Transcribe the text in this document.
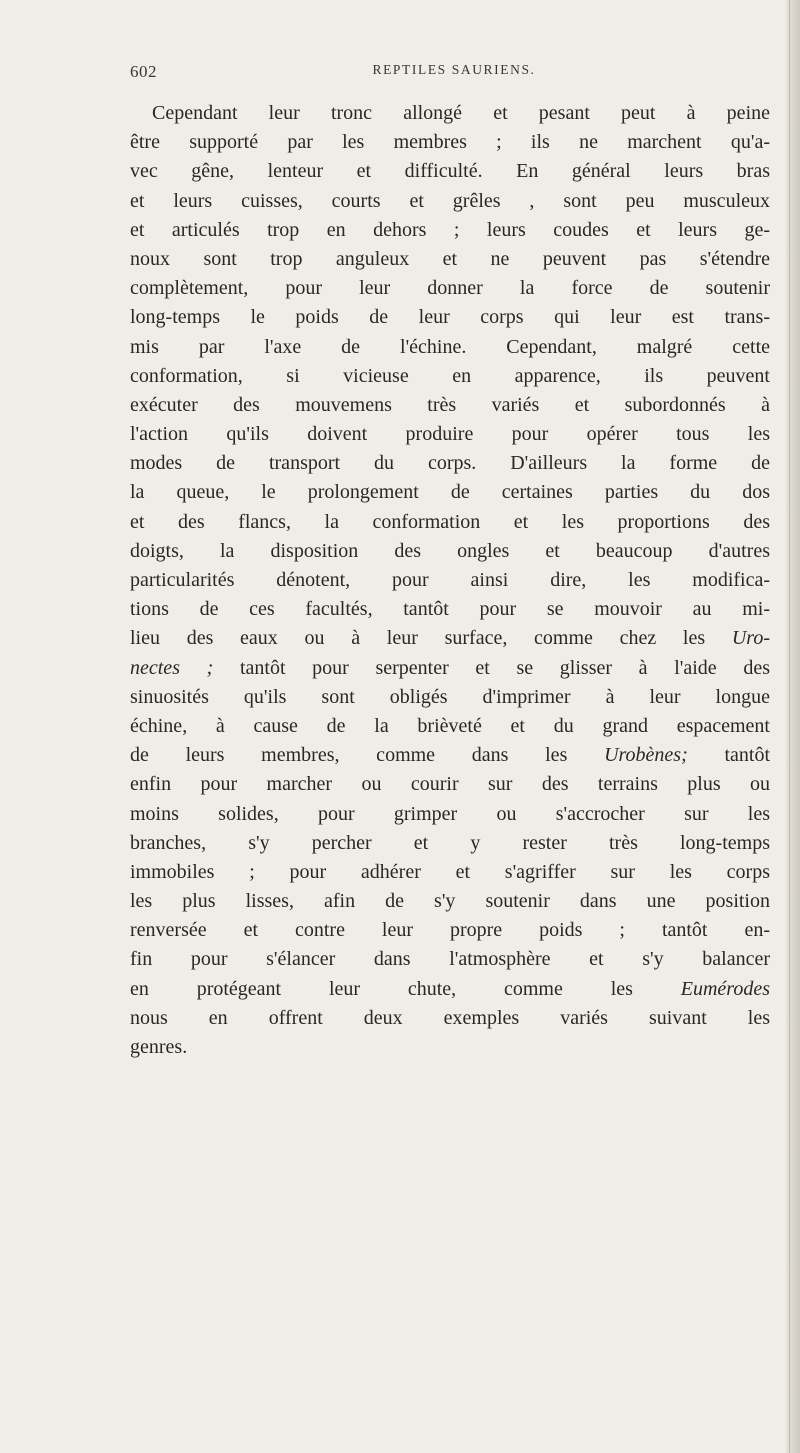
602	REPTILES SAURIENS.
Cependant leur tronc allongé et pesant peut à peine
être supporté par les membres ; ils ne marchent qu'a-
vec gêne, lenteur et difficulté. En général leurs bras
et leurs cuisses, courts et grêles , sont peu musculeux
et articulés trop en dehors ; leurs coudes et leurs ge-
noux sont trop anguleux et ne peuvent pas s'étendre
complètement, pour leur donner la force de soutenir
long-temps le poids de leur corps qui leur est trans-
mis par l'axe de l'échine. Cependant, malgré cette
conformation, si vicieuse en apparence, ils peuvent
exécuter des mouvemens très variés et subordonnés à
l'action qu'ils doivent produire pour opérer tous les
modes de transport du corps. D'ailleurs la forme de
la queue, le prolongement de certaines parties du dos
et des flancs, la conformation et les proportions des
doigts, la disposition des ongles et beaucoup d'autres
particularités dénotent, pour ainsi dire, les modifica-
tions de ces facultés, tantôt pour se mouvoir au mi-
lieu des eaux ou à leur surface, comme chez les Uro-
nectes ; tantôt pour serpenter et se glisser à l'aide des
sinuosités qu'ils sont obligés d'imprimer à leur longue
échine, à cause de la brièveté et du grand espacement
de leurs membres, comme dans les Urobènes; tantôt
enfin pour marcher ou courir sur des terrains plus ou
moins solides, pour grimper ou s'accrocher sur les
branches, s'y percher et y rester très long-temps
immobiles ; pour adhérer et s'agriffer sur les corps
les plus lisses, afin de s'y soutenir dans une position
renversée et contre leur propre poids ; tantôt en-
fin pour s'élancer dans l'atmosphère et s'y balancer
en protégeant leur chute, comme les Eumérodes
nous en offrent deux exemples variés suivant les
genres.
